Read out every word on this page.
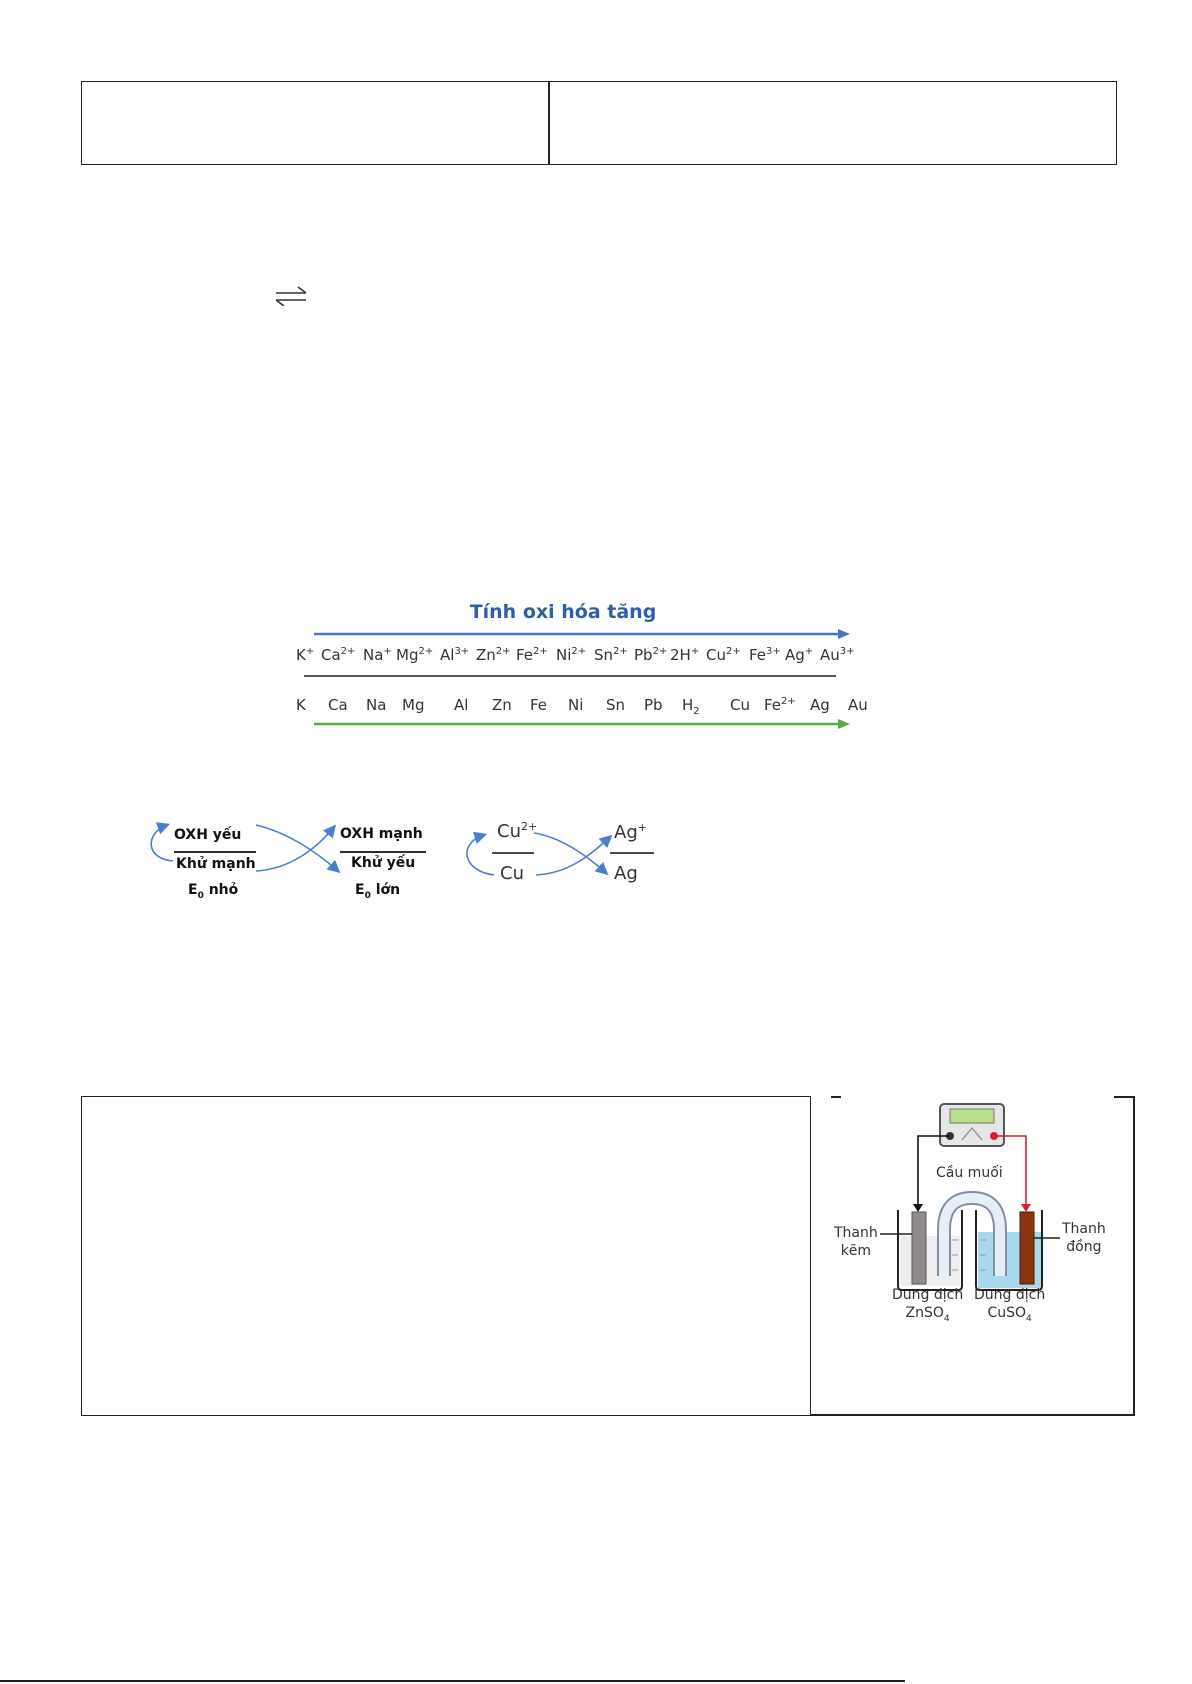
Tính oxi hóa tăng
K+ $Ca^{2+}$ Na+ $Mg^{2+}$ $Al^{3+}$ $Zn^{2+}$ $Fe^{2+}$ $Ni^{2+}$ $Sn^{2+}$ $Pb^{2+}$ 2H+ $Cu^{2+}$ $Fe^{3+}$ Ag+ $Au^{3+}$
K Ca Na Mg Al Zn Fe Ni Sn Pb $H_2$ Cu $Fe^{2+}$ Ag Au
OXH yếu
Khử mạnh
$E_0$ nhỏ
OXH mạnh
Khử yếu
$E_0$ lớn
$Cu^{2+}$
Cu
Ag+
Ag
Cầu muối
Thanh
kẽm
Thanh
đồng
Dung dịch
ZnSO$_4$
Dung dịch
CuSO$_4$
